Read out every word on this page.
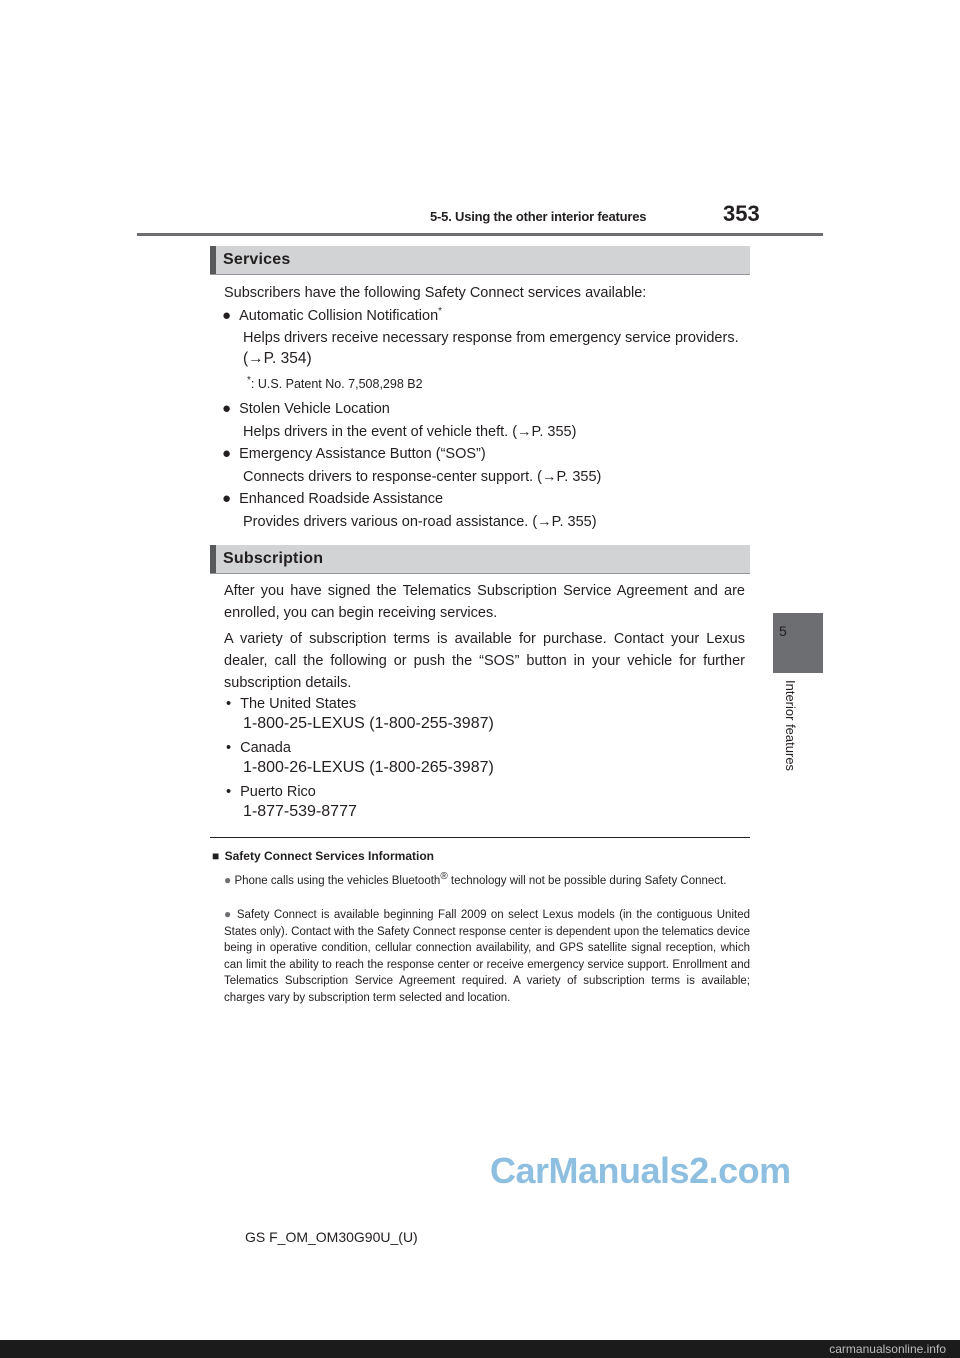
5-5. Using the other interior features	353
5
Interior features
Services
Subscribers have the following Safety Connect services available:
● Automatic Collision Notification*
Helps drivers receive necessary response from emergency service providers.
(→P. 354)
*: U.S. Patent No. 7,508,298 B2
● Stolen Vehicle Location
Helps drivers in the event of vehicle theft. (→P. 355)
● Emergency Assistance Button (“SOS”)
Connects drivers to response-center support. (→P. 355)
● Enhanced Roadside Assistance
Provides drivers various on-road assistance. (→P. 355)
Subscription
After you have signed the Telematics Subscription Service Agreement and are enrolled, you can begin receiving services.
A variety of subscription terms is available for purchase. Contact your Lexus dealer, call the following or push the “SOS” button in your vehicle for further subscription details.
• The United States
1-800-25-LEXUS (1-800-255-3987)
• Canada
1-800-26-LEXUS (1-800-265-3987)
• Puerto Rico
1-877-539-8777
■ Safety Connect Services Information
● Phone calls using the vehicles Bluetooth® technology will not be possible during Safety Connect.
● Safety Connect is available beginning Fall 2009 on select Lexus models (in the contiguous United States only). Contact with the Safety Connect response center is dependent upon the telematics device being in operative condition, cellular connection availability, and GPS satellite signal reception, which can limit the ability to reach the response center or receive emergency service support. Enrollment and Telematics Subscription Service Agreement required. A variety of subscription terms is available; charges vary by subscription term selected and location.
GS F_OM_OM30G90U_(U)
CarManuals2.com
carmanualsonline.info
